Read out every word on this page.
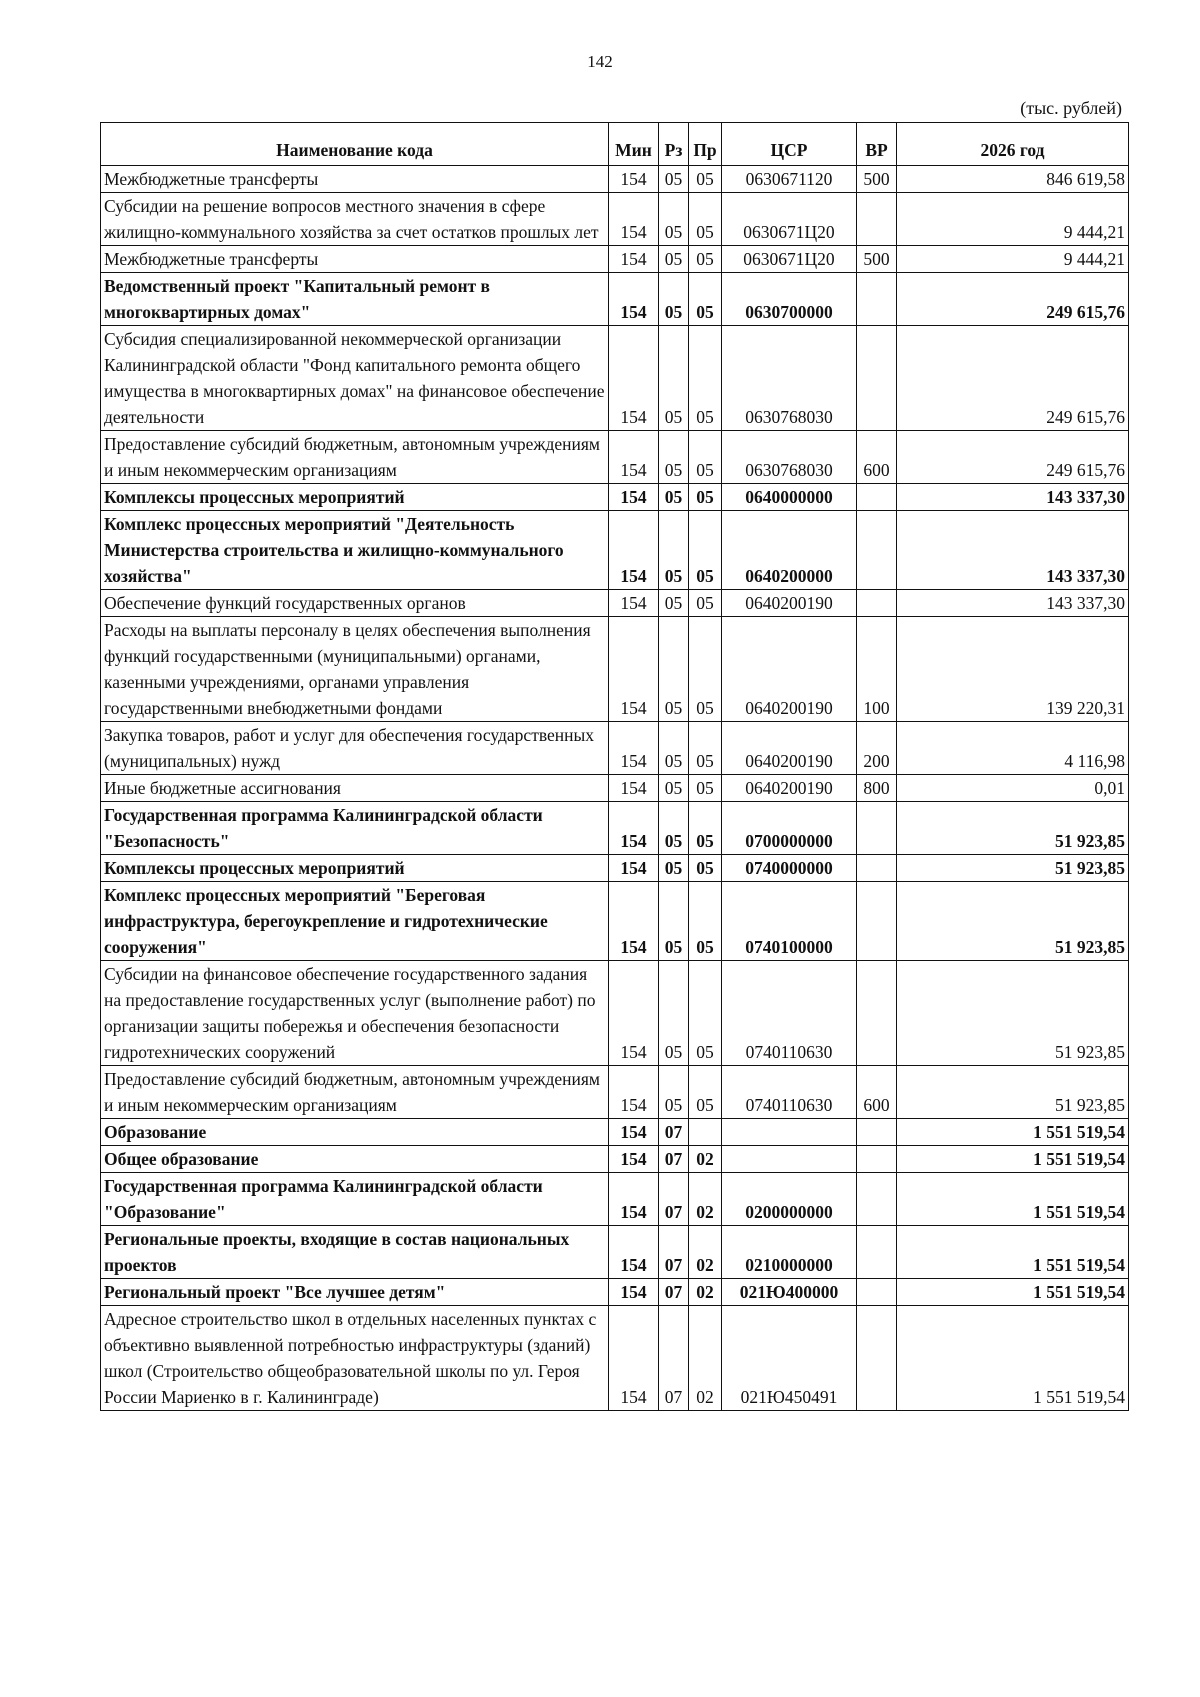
142
(тыс. рублей)
Наименование кода	Мин	Рз	Пр	ЦСР	ВР	2026 год
Межбюджетные трансферты	154	05	05	0630671120	500	846 619,58
Субсидии на решение вопросов местного значения в сфере жилищно-коммунального хозяйства за счет остатков прошлых лет	154	05	05	0630671Ц20		9 444,21
Межбюджетные трансферты	154	05	05	0630671Ц20	500	9 444,21
Ведомственный проект "Капитальный ремонт в многоквартирных домах"	154	05	05	0630700000		249 615,76
Субсидия специализированной некоммерческой организации Калининградской области "Фонд капитального ремонта общего имущества в многоквартирных домах" на финансовое обеспечение деятельности	154	05	05	0630768030		249 615,76
Предоставление субсидий бюджетным, автономным учреждениям и иным некоммерческим организациям	154	05	05	0630768030	600	249 615,76
Комплексы процессных мероприятий	154	05	05	0640000000		143 337,30
Комплекс процессных мероприятий "Деятельность Министерства строительства и жилищно-коммунального хозяйства"	154	05	05	0640200000		143 337,30
Обеспечение функций государственных органов	154	05	05	0640200190		143 337,30
Расходы на выплаты персоналу в целях обеспечения выполнения функций государственными (муниципальными) органами, казенными учреждениями, органами управления государственными внебюджетными фондами	154	05	05	0640200190	100	139 220,31
Закупка товаров, работ и услуг для обеспечения государственных (муниципальных) нужд	154	05	05	0640200190	200	4 116,98
Иные бюджетные ассигнования	154	05	05	0640200190	800	0,01
Государственная программа Калининградской области "Безопасность"	154	05	05	0700000000		51 923,85
Комплексы процессных мероприятий	154	05	05	0740000000		51 923,85
Комплекс процессных мероприятий "Береговая инфраструктура, берегоукрепление и гидротехнические сооружения"	154	05	05	0740100000		51 923,85
Субсидии на финансовое обеспечение государственного задания на предоставление государственных услуг (выполнение работ) по организации защиты побережья и обеспечения безопасности гидротехнических сооружений	154	05	05	0740110630		51 923,85
Предоставление субсидий бюджетным, автономным учреждениям и иным некоммерческим организациям	154	05	05	0740110630	600	51 923,85
Образование	154	07				1 551 519,54
Общее образование	154	07	02			1 551 519,54
Государственная программа Калининградской области "Образование"	154	07	02	0200000000		1 551 519,54
Региональные проекты, входящие в состав национальных проектов	154	07	02	0210000000		1 551 519,54
Региональный проект "Все лучшее детям"	154	07	02	021Ю400000		1 551 519,54
Адресное строительство школ в отдельных населенных пунктах с объективно выявленной потребностью инфраструктуры (зданий) школ (Строительство общеобразовательной школы по ул. Героя России Мариенко в г. Калининграде)	154	07	02	021Ю450491		1 551 519,54
